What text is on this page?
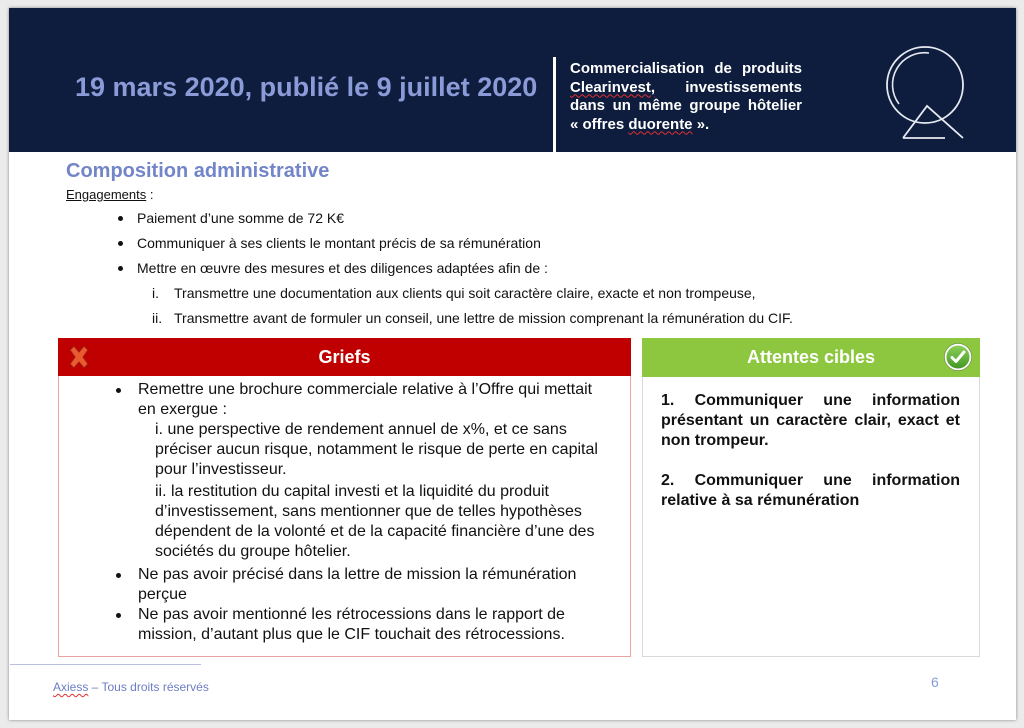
19 mars 2020, publié le 9 juillet 2020
Commercialisation de produits
Clearinvest, investissements
dans un même groupe hôtelier
« offres duorente ».
Composition administrative
Engagements :
Paiement d’une somme de 72 K€
Communiquer à ses clients le montant précis de sa rémunération
Mettre en œuvre des mesures et des diligences adaptées afin de :
i. Transmettre une documentation aux clients qui soit caractère claire, exacte et non trompeuse,
ii. Transmettre avant de formuler un conseil, une lettre de mission comprenant la rémunération du CIF.
Griefs
Remettre une brochure commerciale relative à l’Offre qui mettait
en exergue :
i. une perspective de rendement annuel de x%, et ce sans
préciser aucun risque, notamment le risque de perte en capital
pour l’investisseur.
ii. la restitution du capital investi et la liquidité du produit
d’investissement, sans mentionner que de telles hypothèses
dépendent de la volonté et de la capacité financière d’une des
sociétés du groupe hôtelier.
Ne pas avoir précisé dans la lettre de mission la rémunération
perçue
Ne pas avoir mentionné les rétrocessions dans le rapport de
mission, d’autant plus que le CIF touchait des rétrocessions.
Attentes cibles
1. Communiquer une information présentant un caractère clair, exact et non trompeur.
2. Communiquer une information relative à sa rémunération
Axiess – Tous droits réservés	6
